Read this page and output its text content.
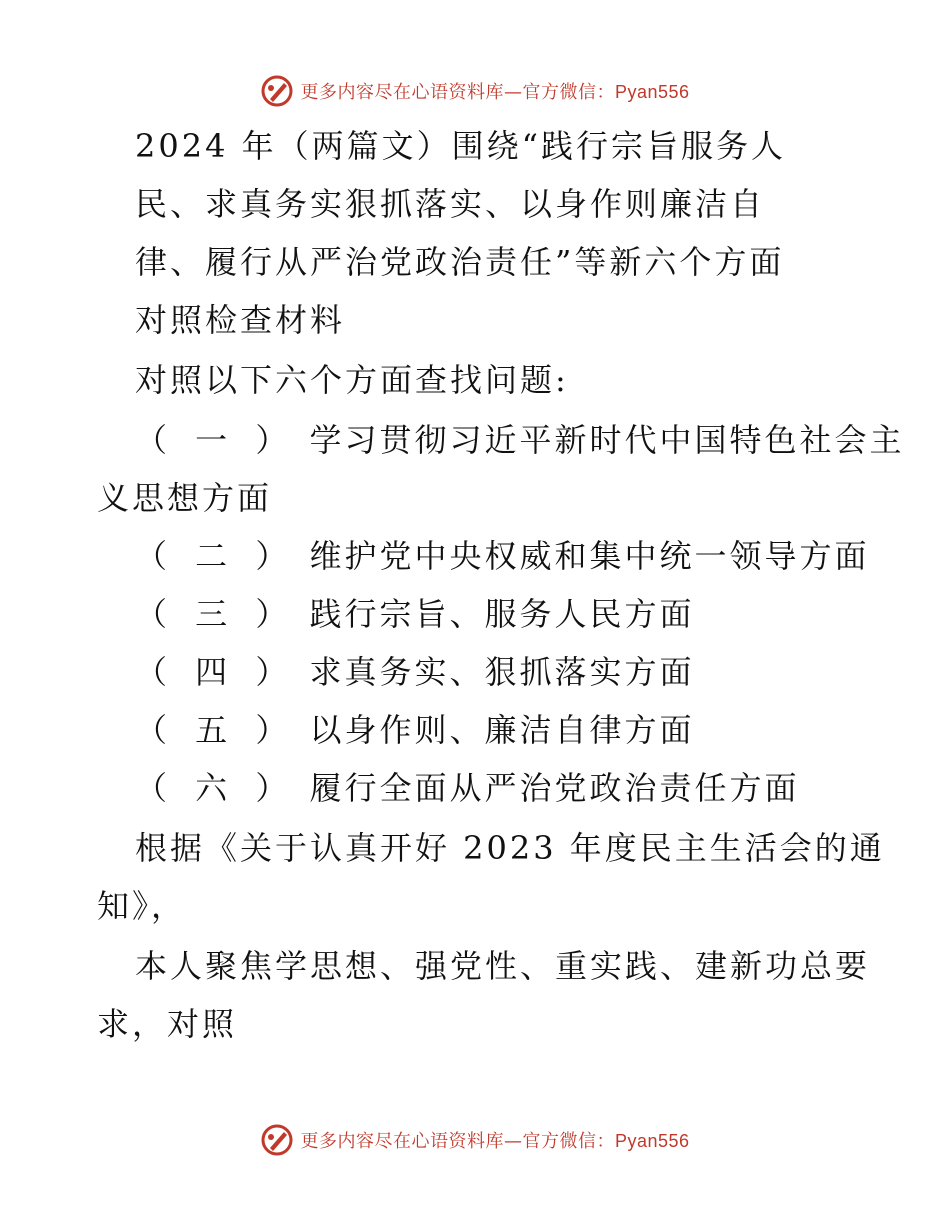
更多内容尽在心语资料库—官方微信：Pyan556
2024 年（两篇文）围绕“践行宗旨服务人
民、求真务实狠抓落实、以身作则廉洁自
律、履行从严治党政治责任”等新六个方面
对照检查材料
对照以下六个方面查找问题:
（ 一 ） 学习贯彻习近平新时代中国特色社会主
义思想方面
（ 二 ） 维护党中央权威和集中统一领导方面
（ 三 ） 践行宗旨、服务人民方面
（ 四 ） 求真务实、狠抓落实方面
（ 五 ） 以身作则、廉洁自律方面
（ 六 ） 履行全面从严治党政治责任方面
根据《关于认真开好 2023 年度民主生活会的通
知》，
本人聚焦学思想、强党性、重实践、建新功总要
求，对照
更多内容尽在心语资料库—官方微信：Pyan556
